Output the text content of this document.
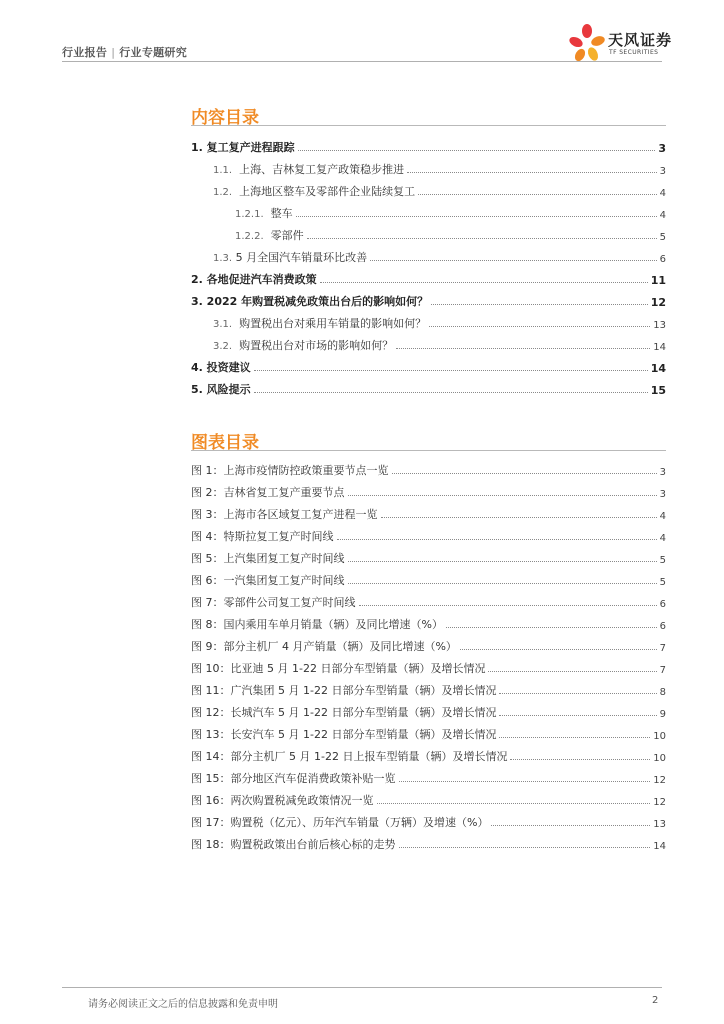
行业报告 | 行业专题研究
天风证券
TF SECURITIES
内容目录
1. 复工复产进程跟踪	3
1.1. 上海、吉林复工复产政策稳步推进	3
1.2. 上海地区整车及零部件企业陆续复工	4
1.2.1. 整车	4
1.2.2. 零部件	5
1.3. 5 月全国汽车销量环比改善	6
2. 各地促进汽车消费政策	11
3. 2022 年购置税减免政策出台后的影响如何？	12
3.1. 购置税出台对乘用车销量的影响如何？	13
3.2. 购置税出台对市场的影响如何？	14
4. 投资建议	14
5. 风险提示	15
图表目录
图 1：上海市疫情防控政策重要节点一览	3
图 2：吉林省复工复产重要节点	3
图 3：上海市各区域复工复产进程一览	4
图 4：特斯拉复工复产时间线	4
图 5：上汽集团复工复产时间线	5
图 6：一汽集团复工复产时间线	5
图 7：零部件公司复工复产时间线	6
图 8：国内乘用车单月销量（辆）及同比增速（%）	6
图 9：部分主机厂 4 月产销量（辆）及同比增速（%）	7
图 10：比亚迪 5 月 1-22 日部分车型销量（辆）及增长情况	7
图 11：广汽集团 5 月 1-22 日部分车型销量（辆）及增长情况	8
图 12：长城汽车 5 月 1-22 日部分车型销量（辆）及增长情况	9
图 13：长安汽车 5 月 1-22 日部分车型销量（辆）及增长情况	10
图 14：部分主机厂 5 月 1-22 日上报车型销量（辆）及增长情况	10
图 15：部分地区汽车促消费政策补贴一览	12
图 16：两次购置税减免政策情况一览	12
图 17：购置税（亿元）、历年汽车销量（万辆）及增速（%）	13
图 18：购置税政策出台前后核心标的走势	14
请务必阅读正文之后的信息披露和免责申明	2
